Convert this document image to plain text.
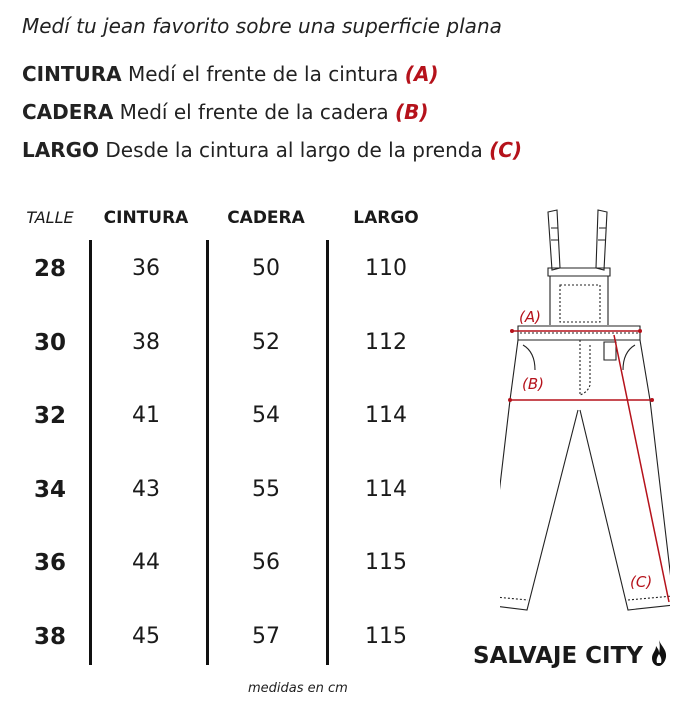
Medí tu jean favorito sobre una superficie plana
CINTURA Medí el frente de la cintura (A)
CADERA Medí el frente de la cadera (B)
LARGO Desde la cintura al largo de la prenda (C)
TALLE	CINTURA	CADERA	LARGO
28	36	50	110
30	38	52	112
32	41	54	114
34	43	55	114
36	44	56	115
38	45	57	115
medidas en cm
(A)
(B)
(C)
SALVAJE CITY
